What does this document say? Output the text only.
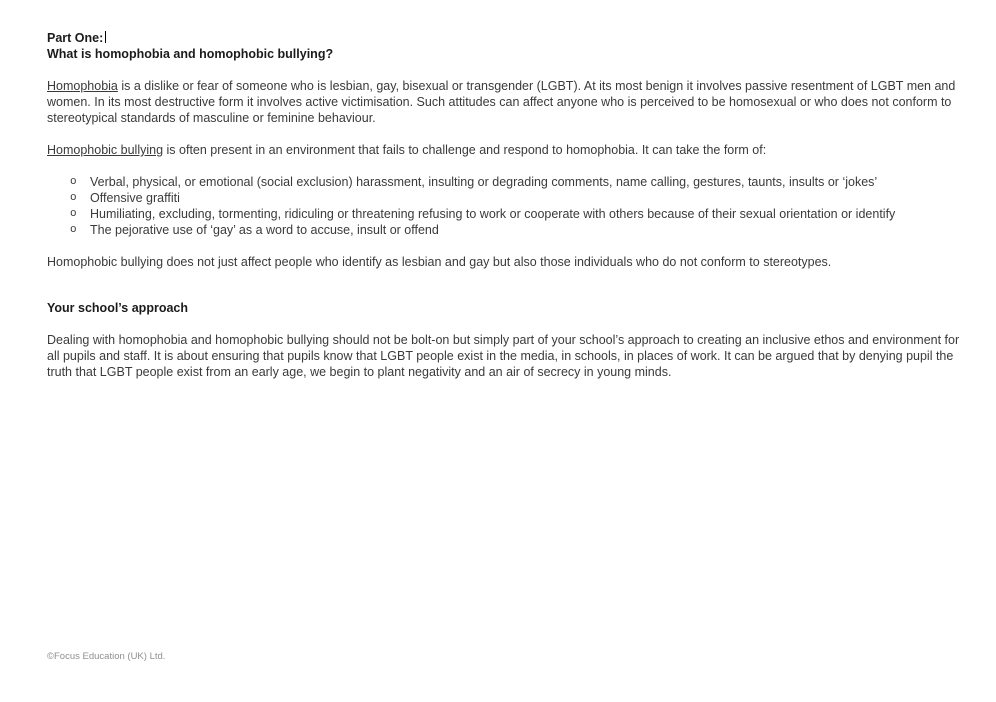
Part One:
What is homophobia and homophobic bullying?

Homophobia is a dislike or fear of someone who is lesbian, gay, bisexual or transgender (LGBT). At its most benign it involves passive resentment of LGBT men and women. In its most destructive form it involves active victimisation. Such attitudes can affect anyone who is perceived to be homosexual or who does not conform to stereotypical standards of masculine or feminine behaviour.

Homophobic bullying is often present in an environment that fails to challenge and respond to homophobia. It can take the form of:

o	Verbal, physical, or emotional (social exclusion) harassment, insulting or degrading comments, name calling, gestures, taunts, insults or ‘jokes’
o	Offensive graffiti
o	Humiliating, excluding, tormenting, ridiculing or threatening refusing to work or cooperate with others because of their sexual orientation or identify
o	The pejorative use of ‘gay’ as a word to accuse, insult or offend

Homophobic bullying does not just affect people who identify as lesbian and gay but also those individuals who do not conform to stereotypes.

Your school’s approach

Dealing with homophobia and homophobic bullying should not be bolt-on but simply part of your school’s approach to creating an inclusive ethos and environment for all pupils and staff. It is about ensuring that pupils know that LGBT people exist in the media, in schools, in places of work. It can be argued that by denying pupil the truth that LGBT people exist from an early age, we begin to plant negativity and an air of secrecy in young minds.

©Focus Education (UK) Ltd.
